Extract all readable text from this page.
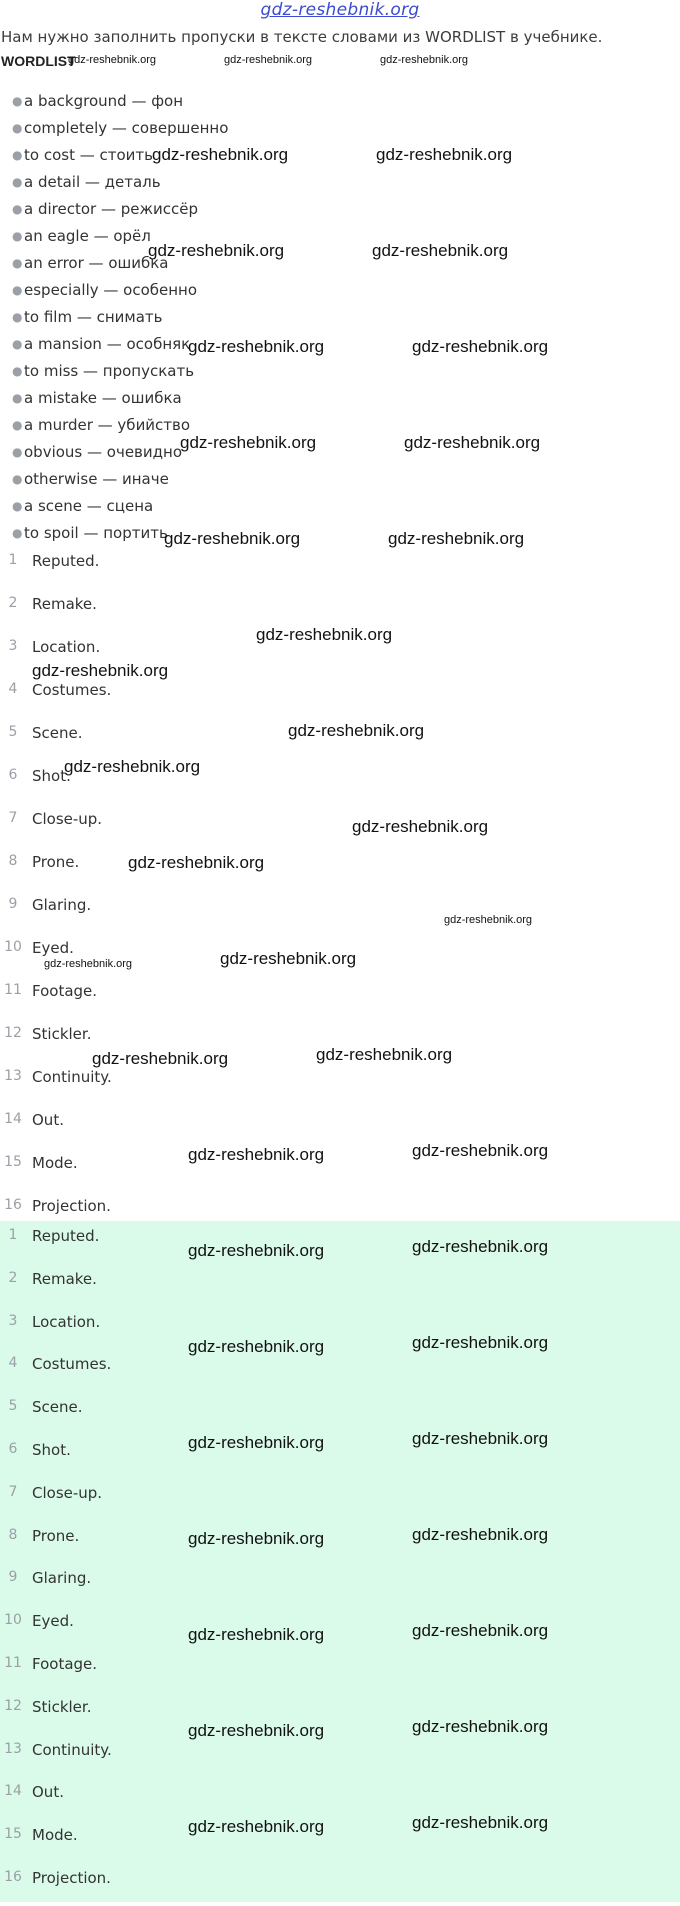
gdz-reshebnik.org
Нам нужно заполнить пропуски в тексте словами из WORDLIST в учебнике.
WORDLIST
● a background — фон
● completely — совершенно
● to cost — стоить
● a detail — деталь
● a director — режиссёр
● an eagle — орёл
● an error — ошибка
● especially — особенно
● to film — снимать
● a mansion — особняк
● to miss — пропускать
● a mistake — ошибка
● a murder — убийство
● obvious — очевидно
● otherwise — иначе
● a scene — сцена
● to spoil — портить
1 Reputed.
2 Remake.
3 Location.
4 Costumes.
5 Scene.
6 Shot.
7 Close-up.
8 Prone.
9 Glaring.
10 Eyed.
11 Footage.
12 Stickler.
13 Continuity.
14 Out.
15 Mode.
16 Projection.
1 Reputed.
2 Remake.
3 Location.
4 Costumes.
5 Scene.
6 Shot.
7 Close-up.
8 Prone.
9 Glaring.
10 Eyed.
11 Footage.
12 Stickler.
13 Continuity.
14 Out.
15 Mode.
16 Projection.
gdz-reshebnik.org	gdz-reshebnik.org	gdz-reshebnik.org
gdz-reshebnik.org	gdz-reshebnik.org
gdz-reshebnik.org	gdz-reshebnik.org
gdz-reshebnik.org	gdz-reshebnik.org
gdz-reshebnik.org	gdz-reshebnik.org
gdz-reshebnik.org	gdz-reshebnik.org
gdz-reshebnik.org
gdz-reshebnik.org
gdz-reshebnik.org
gdz-reshebnik.org
gdz-reshebnik.org
gdz-reshebnik.org
gdz-reshebnik.org
gdz-reshebnik.org
gdz-reshebnik.org
gdz-reshebnik.org
gdz-reshebnik.org
gdz-reshebnik.org	gdz-reshebnik.org
gdz-reshebnik.org	gdz-reshebnik.org
gdz-reshebnik.org	gdz-reshebnik.org
gdz-reshebnik.org	gdz-reshebnik.org
gdz-reshebnik.org	gdz-reshebnik.org
gdz-reshebnik.org	gdz-reshebnik.org
gdz-reshebnik.org	gdz-reshebnik.org
gdz-reshebnik.org	gdz-reshebnik.org
